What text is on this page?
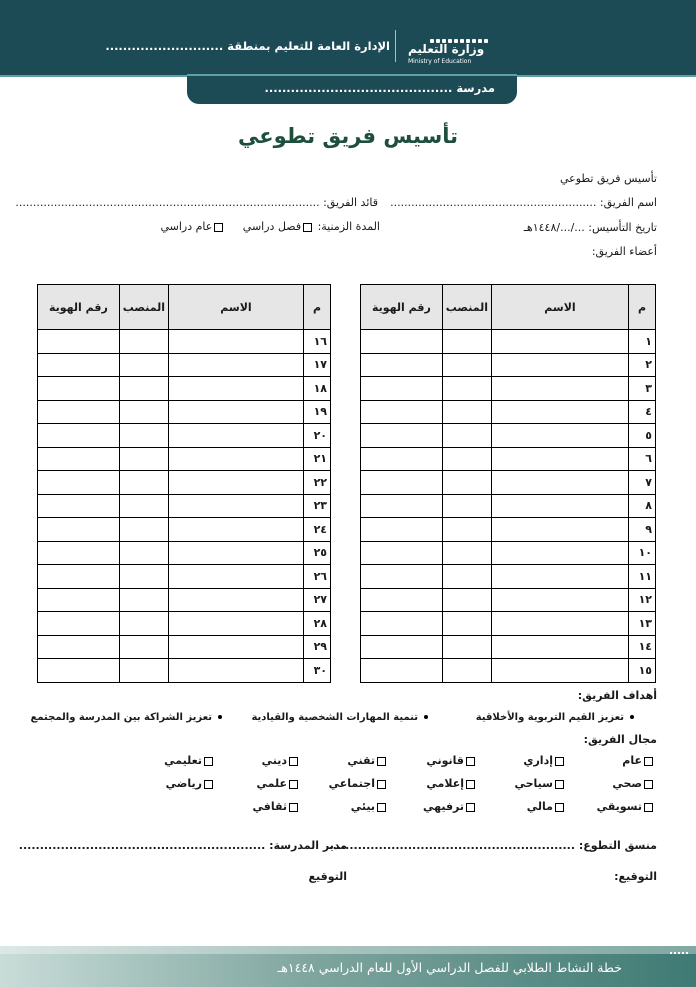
وزارة التعليم
Ministry of Education
الإدارة العامة للتعليم بمنطقة ...........................
مدرسة ...........................................
تأسيس فريق تطوعي
تأسيس فريق تطوعي
اسم الفريق: ...........................................................
قائد الفريق: .......................................................................................
تاريخ التأسيس: .../.../١٤٤٨هـ
المدة الزمنية: فصل دراسي     عام دراسي
أعضاء الفريق:
م	الاسم	المنصب	رقم الهوية
١			
٢			
٣			
٤			
٥			
٦			
٧			
٨			
٩			
١٠			
١١			
١٢			
١٣			
١٤			
١٥			
م	الاسم	المنصب	رقم الهوية
١٦			
١٧			
١٨			
١٩			
٢٠			
٢١			
٢٢			
٢٣			
٢٤			
٢٥			
٢٦			
٢٧			
٢٨			
٢٩			
٣٠			
أهداف الفريق:
تعزيز القيم التربوية والأخلاقية
تنمية المهارات الشخصية والقيادية
تعزيز الشراكة بين المدرسة والمجتمع
مجال الفريق:
عام
إداري
قانوني
تقني
ديني
تعليمي
صحي
سياحي
إعلامي
اجتماعي
علمي
رياضي
تسويقي
مالي
ترفيهي
بيئي
ثقافي
منسق التطوع: ...........................................................
مدير المدرسة: ...........................................................
التوقيع:
التوقيع
خطة النشاط الطلابي للفصل الدراسي الأول للعام الدراسي ١٤٤٨هـ
